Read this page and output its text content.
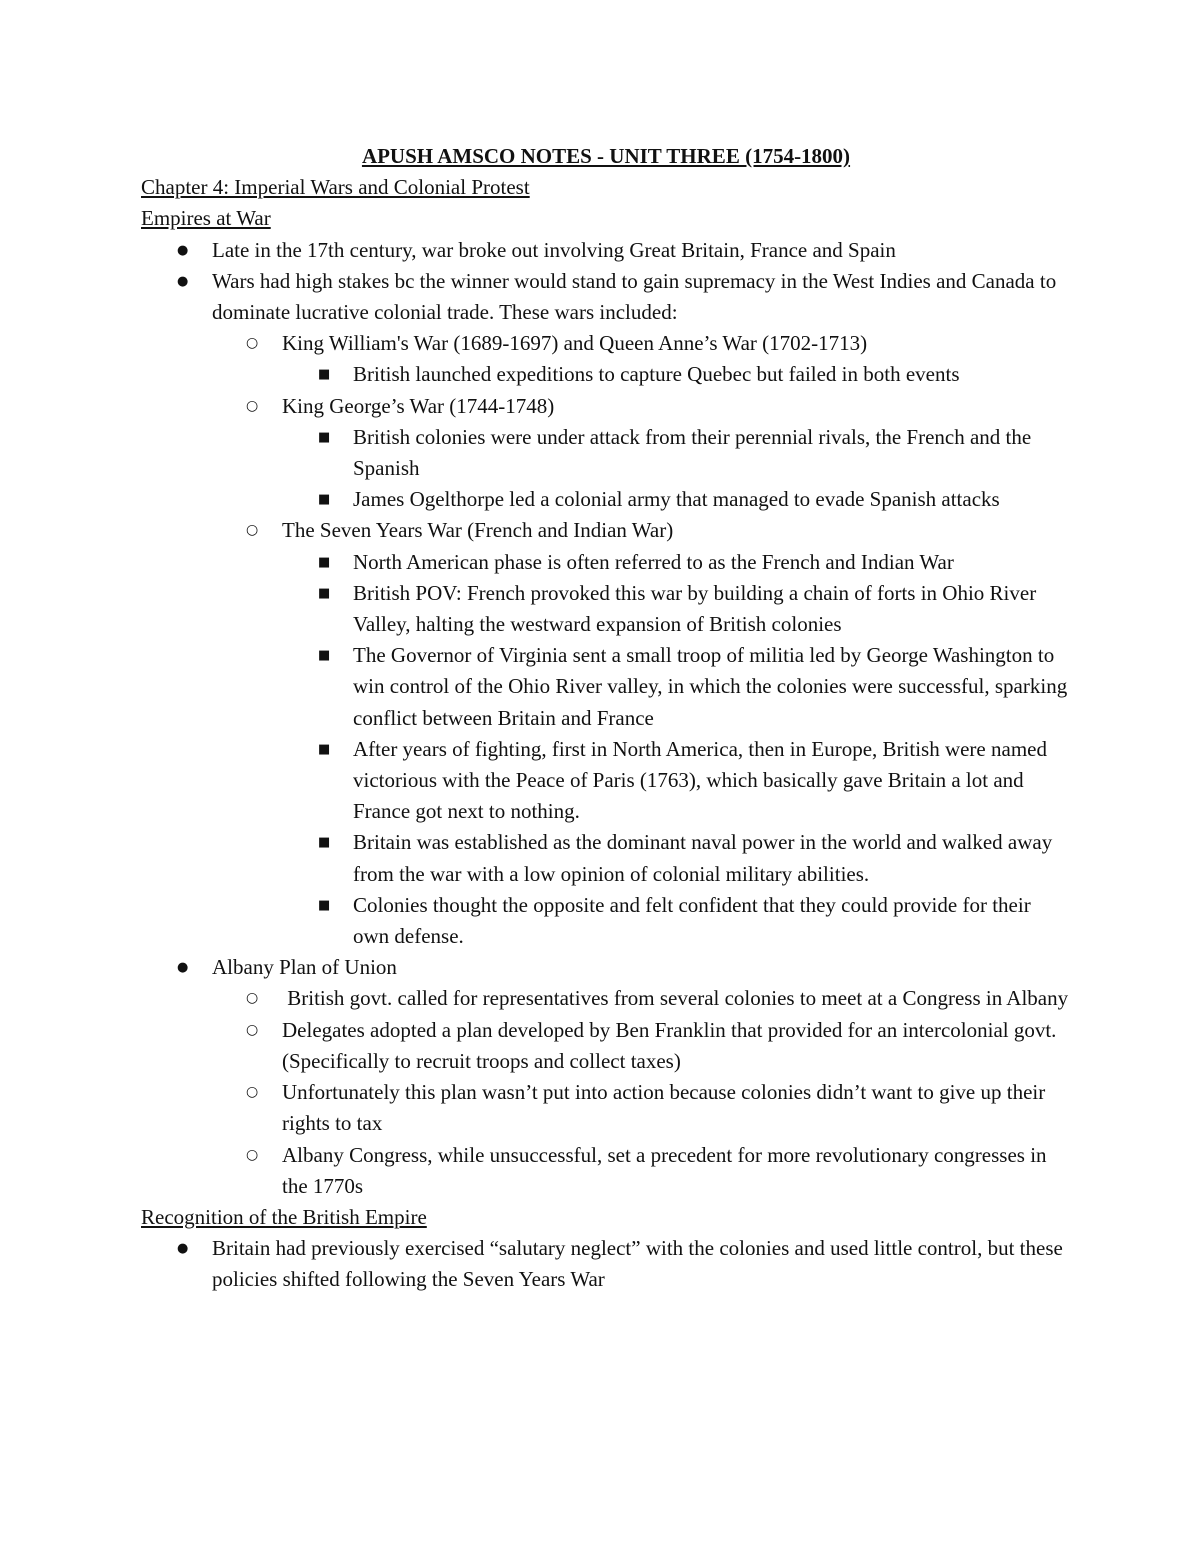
APUSH AMSCO NOTES - UNIT THREE (1754-1800)

Chapter 4: Imperial Wars and Colonial Protest

Empires at War

● Late in the 17th century, war broke out involving Great Britain, France and Spain
● Wars had high stakes bc the winner would stand to gain supremacy in the West Indies and Canada to dominate lucrative colonial trade. These wars included:
○ King William's War (1689-1697) and Queen Anne’s War (1702-1713)
■ British launched expeditions to capture Quebec but failed in both events
○ King George’s War (1744-1748)
■ British colonies were under attack from their perennial rivals, the French and the Spanish
■ James Ogelthorpe led a colonial army that managed to evade Spanish attacks
○ The Seven Years War (French and Indian War)
■ North American phase is often referred to as the French and Indian War
■ British POV: French provoked this war by building a chain of forts in Ohio River Valley, halting the westward expansion of British colonies
■ The Governor of Virginia sent a small troop of militia led by George Washington to win control of the Ohio River valley, in which the colonies were successful, sparking conflict between Britain and France
■ After years of fighting, first in North America, then in Europe, British were named victorious with the Peace of Paris (1763), which basically gave Britain a lot and France got next to nothing.
■ Britain was established as the dominant naval power in the world and walked away from the war with a low opinion of colonial military abilities.
■ Colonies thought the opposite and felt confident that they could provide for their own defense.
● Albany Plan of Union
○ British govt. called for representatives from several colonies to meet at a Congress in Albany
○ Delegates adopted a plan developed by Ben Franklin that provided for an intercolonial govt. (Specifically to recruit troops and collect taxes)
○ Unfortunately this plan wasn’t put into action because colonies didn’t want to give up their rights to tax
○ Albany Congress, while unsuccessful, set a precedent for more revolutionary congresses in the 1770s

Recognition of the British Empire

● Britain had previously exercised “salutary neglect” with the colonies and used little control, but these policies shifted following the Seven Years War
